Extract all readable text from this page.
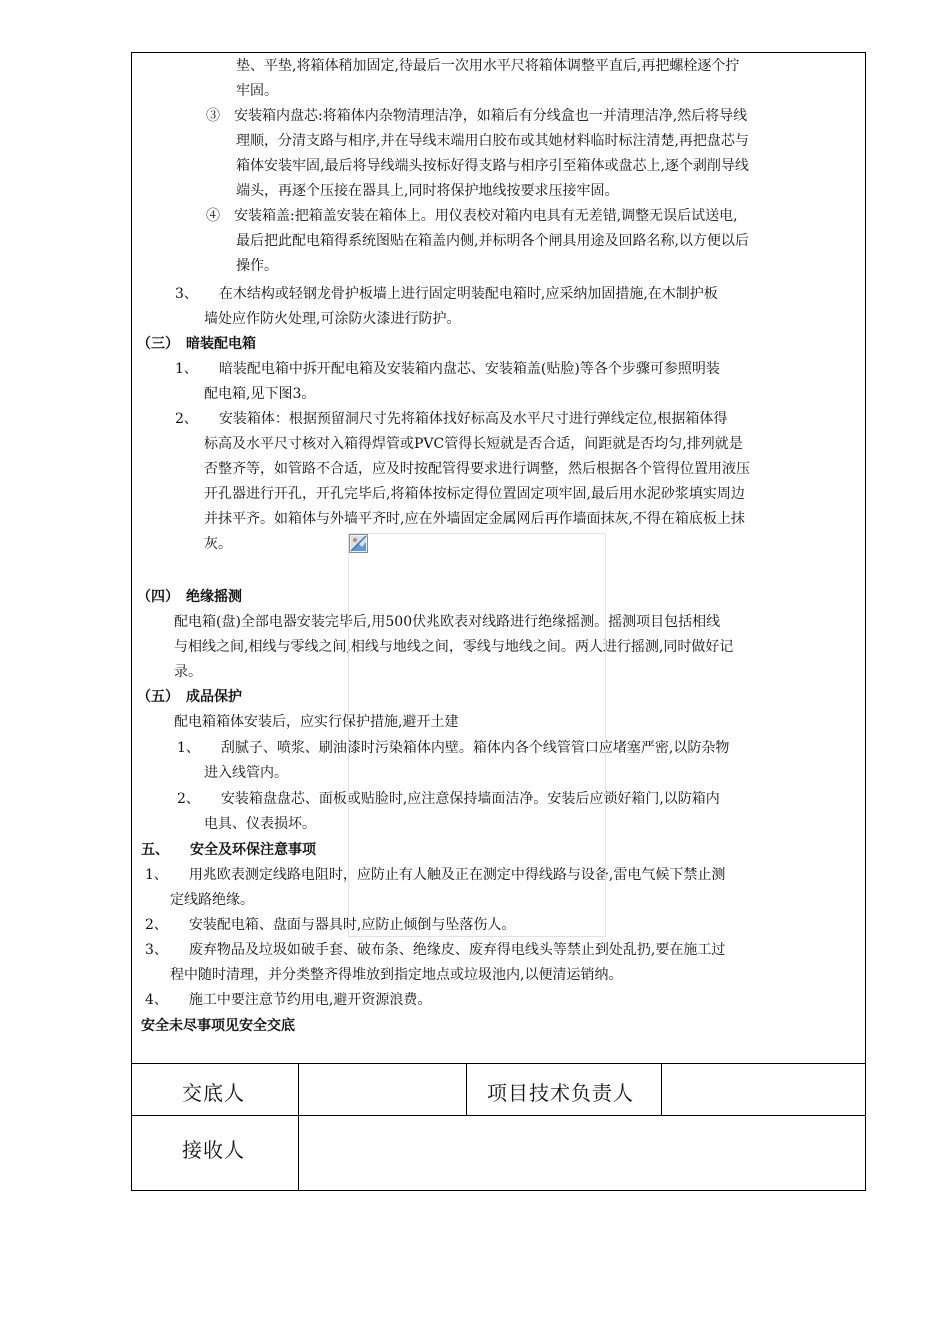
垫、平垫,将箱体稍加固定,待最后一次用水平尺将箱体调整平直后,再把螺栓逐个拧
牢固。
③　安装箱内盘芯:将箱体内杂物清理洁净，如箱后有分线盒也一并清理洁净,然后将导线
理顺，分清支路与相序,并在导线末端用白胶布或其她材料临时标注清楚,再把盘芯与
箱体安装牢固,最后将导线端头按标好得支路与相序引至箱体或盘芯上,逐个剥削导线
端头，再逐个压接在器具上,同时将保护地线按要求压接牢固。
④　安装箱盖:把箱盖安装在箱体上。用仪表校对箱内电具有无差错,调整无误后试送电,
最后把此配电箱得系统图贴在箱盖内侧,并标明各个闸具用途及回路名称,以方便以后
操作。
3、　　在木结构或轻钢龙骨护板墙上进行固定明装配电箱时,应采纳加固措施,在木制护板
墙处应作防火处理,可涂防火漆进行防护。
（三）　暗装配电箱
1、　　暗装配电箱中拆开配电箱及安装箱内盘芯、安装箱盖(贴脸)等各个步骤可参照明装
配电箱,见下图3。
2、　　安装箱体：根据预留洞尺寸先将箱体找好标高及水平尺寸进行弹线定位,根据箱体得
标高及水平尺寸核对入箱得焊管或PVC管得长短就是否合适，间距就是否均匀,排列就是
否整齐等，如管路不合适，应及时按配管得要求进行调整，然后根据各个管得位置用液压
开孔器进行开孔，开孔完毕后,将箱体按标定得位置固定项牢固,最后用水泥砂浆填实周边
并抹平齐。如箱体与外墙平齐时,应在外墙固定金属网后再作墙面抹灰,不得在箱底板上抹
灰。
（四）　绝缘摇测
配电箱(盘)全部电器安装完毕后,用500伏兆欧表对线路进行绝缘摇测。摇测项目包括相线
与相线之间,相线与零线之间,相线与地线之间，零线与地线之间。两人进行摇测,同时做好记
录。
（五）　成品保护
配电箱箱体安装后，应实行保护措施,避开土建
1、　　刮腻子、喷浆、刷油漆时污染箱体内壁。箱体内各个线管管口应堵塞严密,以防杂物
进入线管内。
2、　　安装箱盘盘芯、面板或贴脸时,应注意保持墙面洁净。安装后应锁好箱门,以防箱内
电具、仪表损坏。
五、　　安全及环保注意事项
1、　　用兆欧表测定线路电阻时，应防止有人触及正在测定中得线路与设备,雷电气候下禁止测
定线路绝缘。
2、　　安装配电箱、盘面与器具时,应防止倾倒与坠落伤人。
3、　　废弃物品及垃圾如破手套、破布条、绝缘皮、废弃得电线头等禁止到处乱扔,要在施工过
程中随时清理，并分类整齐得堆放到指定地点或垃圾池内,以便清运销纳。
4、　　施工中要注意节约用电,避开资源浪费。
安全未尽事项见安全交底
交底人	项目技术负责人
接收人
